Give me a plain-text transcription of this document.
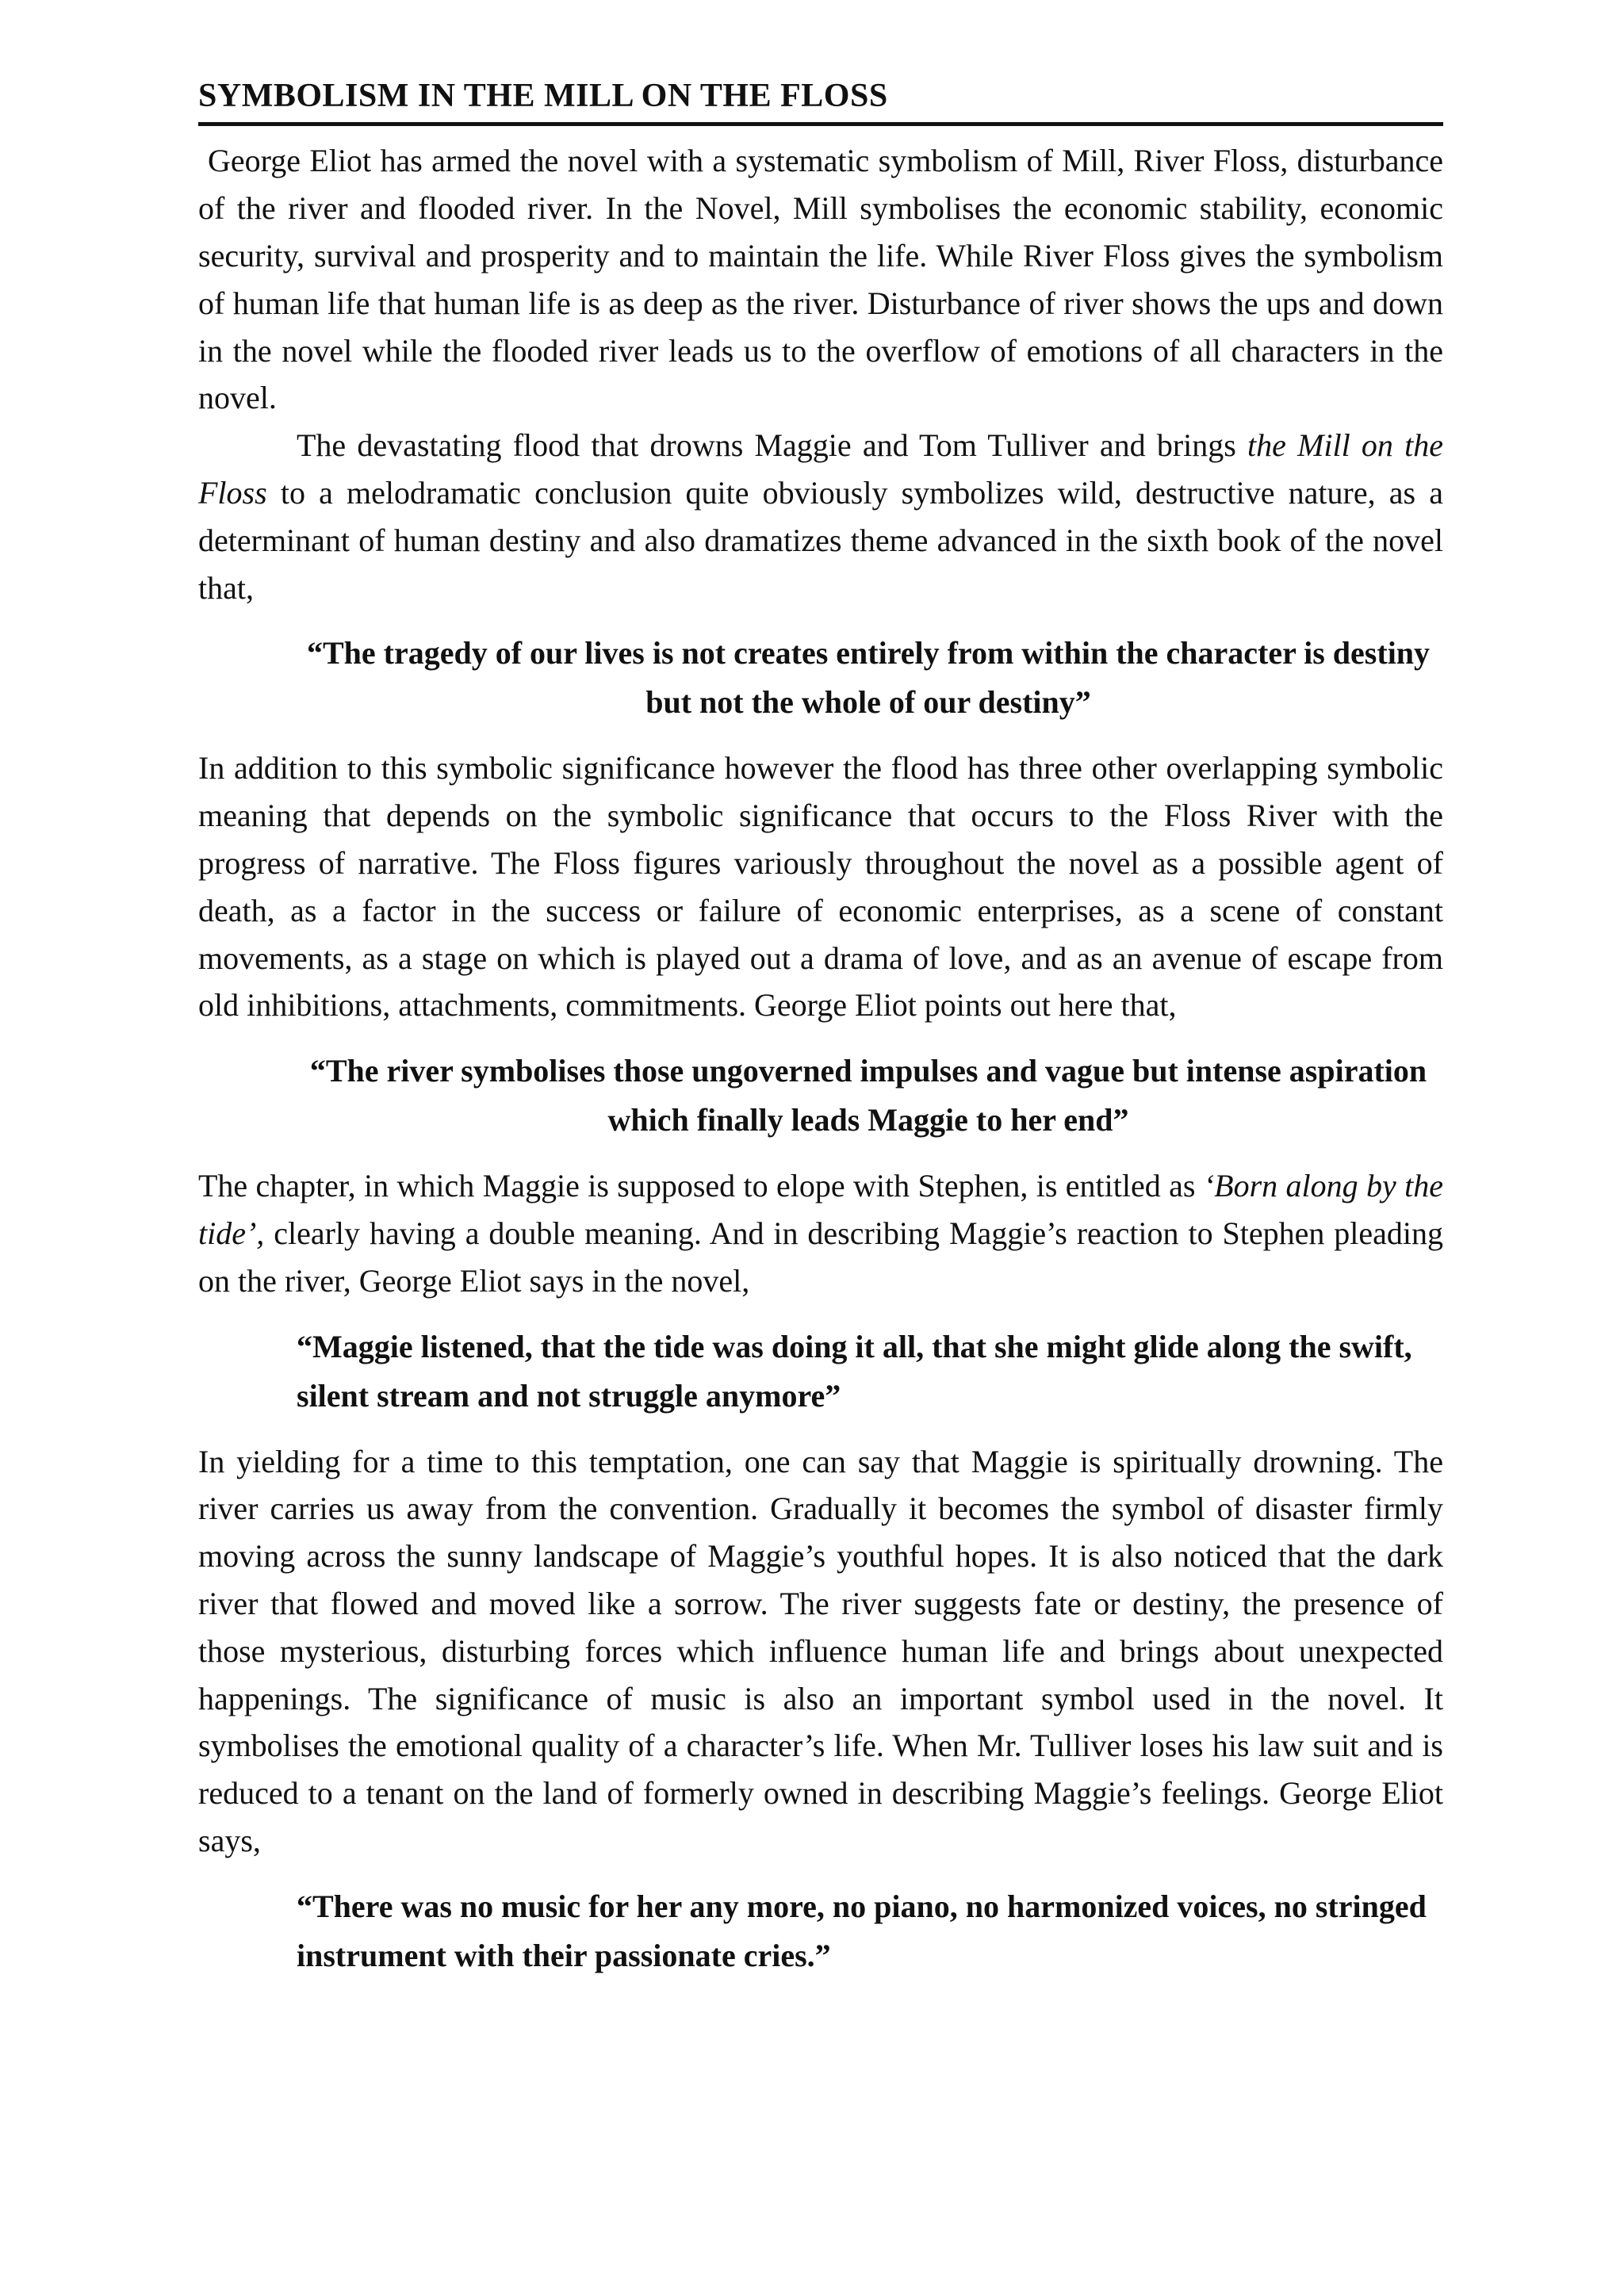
SYMBOLISM IN THE MILL ON THE FLOSS

George Eliot has armed the novel with a systematic symbolism of Mill, River Floss, disturbance of the river and flooded river. In the Novel, Mill symbolises the economic stability, economic security, survival and prosperity and to maintain the life. While River Floss gives the symbolism of human life that human life is as deep as the river. Disturbance of river shows the ups and down in the novel while the flooded river leads us to the overflow of emotions of all characters in the novel.

The devastating flood that drowns Maggie and Tom Tulliver and brings the Mill on the Floss to a melodramatic conclusion quite obviously symbolizes wild, destructive nature, as a determinant of human destiny and also dramatizes theme advanced in the sixth book of the novel that,

“The tragedy of our lives is not creates entirely from within the character is destiny but not the whole of our destiny”

In addition to this symbolic significance however the flood has three other overlapping symbolic meaning that depends on the symbolic significance that occurs to the Floss River with the progress of narrative. The Floss figures variously throughout the novel as a possible agent of death, as a factor in the success or failure of economic enterprises, as a scene of constant movements, as a stage on which is played out a drama of love, and as an avenue of escape from old inhibitions, attachments, commitments. George Eliot points out here that,

“The river symbolises those ungoverned impulses and vague but intense aspiration which finally leads Maggie to her end”

The chapter, in which Maggie is supposed to elope with Stephen, is entitled as ‘Born along by the tide’, clearly having a double meaning. And in describing Maggie’s reaction to Stephen pleading on the river, George Eliot says in the novel,

“Maggie listened, that the tide was doing it all, that she might glide along the swift, silent stream and not struggle anymore”

In yielding for a time to this temptation, one can say that Maggie is spiritually drowning. The river carries us away from the convention. Gradually it becomes the symbol of disaster firmly moving across the sunny landscape of Maggie’s youthful hopes. It is also noticed that the dark river that flowed and moved like a sorrow. The river suggests fate or destiny, the presence of those mysterious, disturbing forces which influence human life and brings about unexpected happenings. The significance of music is also an important symbol used in the novel. It symbolises the emotional quality of a character’s life. When Mr. Tulliver loses his law suit and is reduced to a tenant on the land of formerly owned in describing Maggie’s feelings. George Eliot says,

“There was no music for her any more, no piano, no harmonized voices, no stringed instrument with their passionate cries.”
